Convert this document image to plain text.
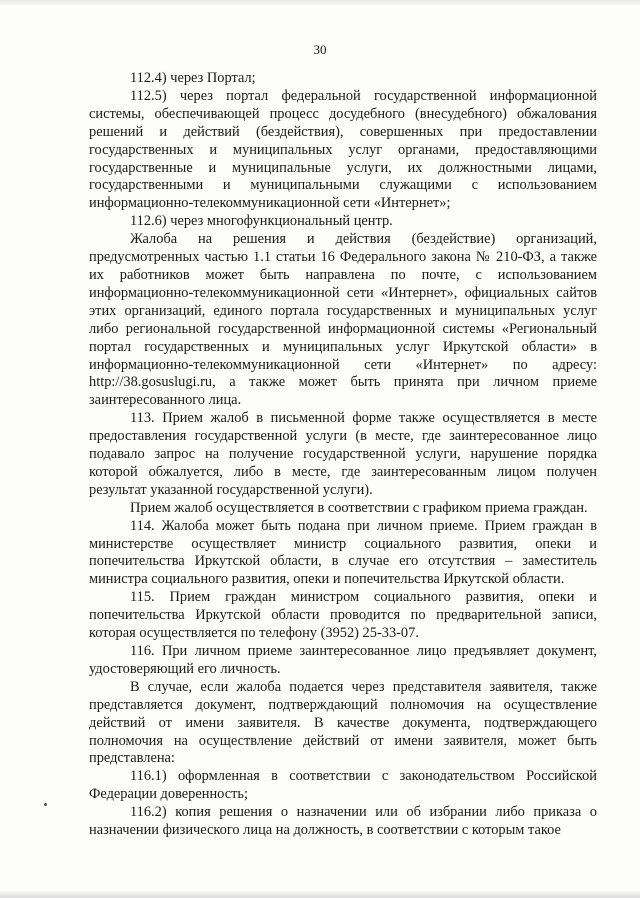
30

112.4) через Портал;

112.5) через портал федеральной государственной информационной системы, обеспечивающей процесс досудебного (внесудебного) обжалования решений и действий (бездействия), совершенных при предоставлении государственных и муниципальных услуг органами, предоставляющими государственные и муниципальные услуги, их должностными лицами, государственными и муниципальными служащими с использованием информационно-телекоммуникационной сети «Интернет»;

112.6) через многофункциональный центр.

Жалоба на решения и действия (бездействие) организаций, предусмотренных частью 1.1 статьи 16 Федерального закона № 210-ФЗ, а также их работников может быть направлена по почте, с использованием информационно-телекоммуникационной сети «Интернет», официальных сайтов этих организаций, единого портала государственных и муниципальных услуг либо региональной государственной информационной системы «Региональный портал государственных и муниципальных услуг Иркутской области» в информационно-телекоммуникационной сети «Интернет» по адресу: http://38.gosuslugi.ru, а также может быть принята при личном приеме заинтересованного лица.

113. Прием жалоб в письменной форме также осуществляется в месте предоставления государственной услуги (в месте, где заинтересованное лицо подавало запрос на получение государственной услуги, нарушение порядка которой обжалуется, либо в месте, где заинтересованным лицом получен результат указанной государственной услуги).

Прием жалоб осуществляется в соответствии с графиком приема граждан.

114. Жалоба может быть подана при личном приеме. Прием граждан в министерстве осуществляет министр социального развития, опеки и попечительства Иркутской области, в случае его отсутствия – заместитель министра социального развития, опеки и попечительства Иркутской области.

115. Прием граждан министром социального развития, опеки и попечительства Иркутской области проводится по предварительной записи, которая осуществляется по телефону (3952) 25-33-07.

116. При личном приеме заинтересованное лицо предъявляет документ, удостоверяющий его личность.

В случае, если жалоба подается через представителя заявителя, также представляется документ, подтверждающий полномочия на осуществление действий от имени заявителя. В качестве документа, подтверждающего полномочия на осуществление действий от имени заявителя, может быть представлена:

116.1) оформленная в соответствии с законодательством Российской Федерации доверенность;

116.2) копия решения о назначении или об избрании либо приказа о назначении физического лица на должность, в соответствии с которым такое
